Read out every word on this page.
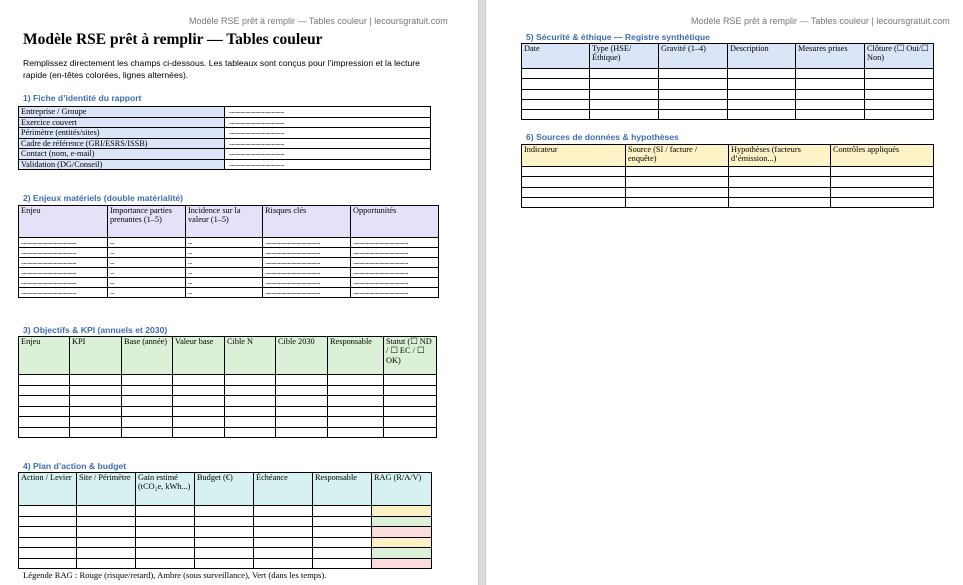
Modèle RSE prêt à remplir — Tables couleur | lecoursgratuit.com
Modèle RSE prêt à remplir — Tables couleur
Remplissez directement les champs ci-dessous. Les tableaux sont conçus pour l’impression et la lecture rapide (en-têtes colorées, lignes alternées).
1) Fiche d’identité du rapport
Entreprise / Groupe	............................................
Exercice couvert	............................................
Périmètre (entités/sites)	............................................
Cadre de référence (GRI/ESRS/ISSB)	............................................
Contact (nom, e-mail)	............................................
Validation (DG/Conseil)	............................................
2) Enjeux matériels (double matérialité)
Enjeu	Importance parties prenantes (1–5)	Incidence sur la valeur (1–5)	Risques clés	Opportunités
............................................	...	...	............................................	............................................
............................................	...	...	............................................	............................................
............................................	...	...	............................................	............................................
............................................	...	...	............................................	............................................
............................................	...	...	............................................	............................................
............................................	...	...	............................................	............................................
3) Objectifs & KPI (annuels et 2030)
Enjeu	KPI	Base (année)	Valeur base	Cible N	Cible 2030	Responsable	Statut (☐ ND / ☐ EC / ☐ OK)

4) Plan d’action & budget
Action / Levier	Site / Périmètre	Gain estimé (tCO₂e, kWh...)	Budget (€)	Échéance	Responsable	RAG (R/A/V)

Légende RAG : Rouge (risque/retard), Ambre (sous surveillance), Vert (dans les temps).
Modèle RSE prêt à remplir — Tables couleur | lecoursgratuit.com
5) Sécurité & éthique — Registre synthétique
Date	Type (HSE/Éthique)	Gravité (1–4)	Description	Mesures prises	Clôture (☐ Oui/☐ Non)

6) Sources de données & hypothèses
Indicateur	Source (SI / facture / enquête)	Hypothèses (facteurs d’émission...)	Contrôles appliqués
